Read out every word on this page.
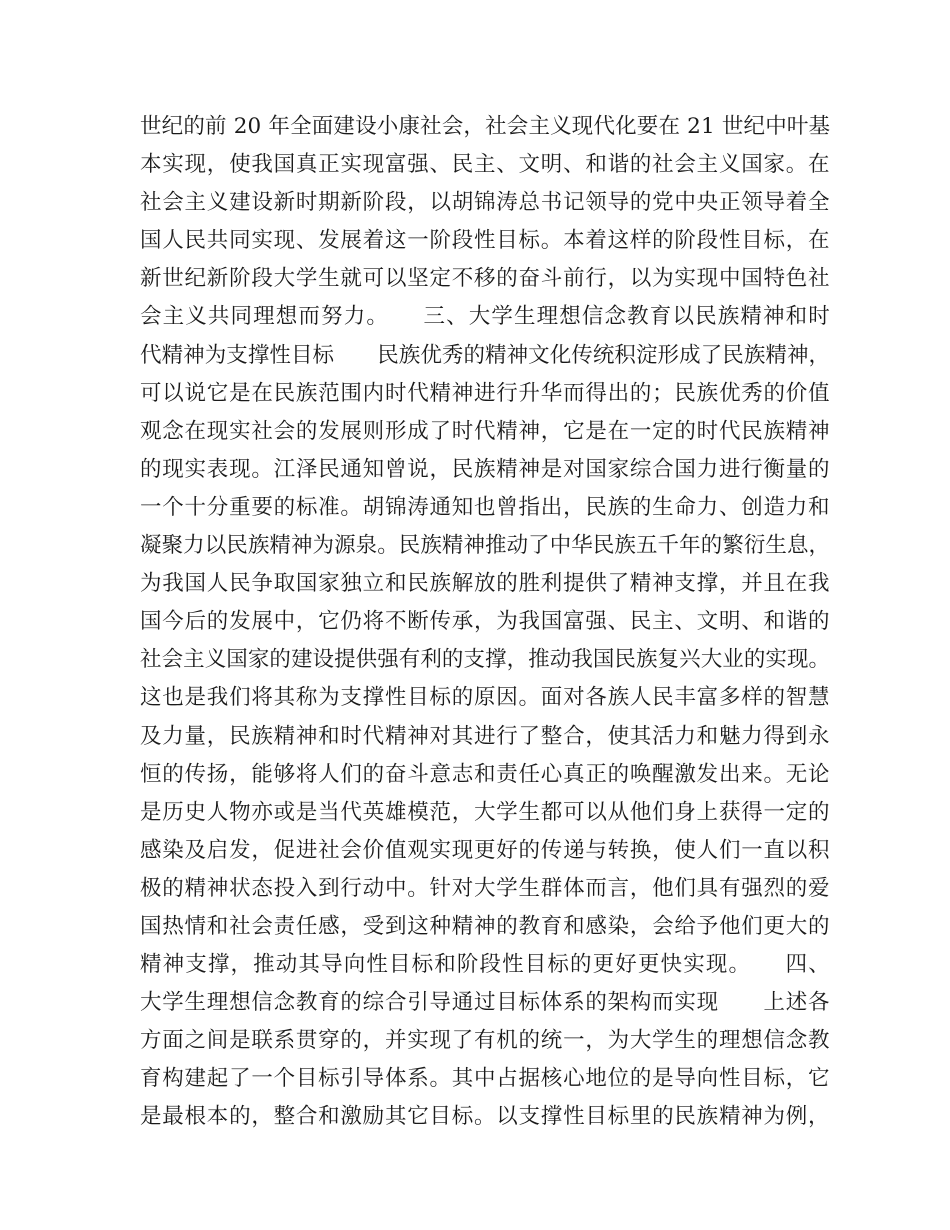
世纪的前 20 年全面建设小康社会，社会主义现代化要在 21 世纪中叶基
本实现，使我国真正实现富强、民主、文明、和谐的社会主义国家。在
社会主义建设新时期新阶段，以胡锦涛总书记领导的党中央正领导着全
国人民共同实现、发展着这一阶段性目标。本着这样的阶段性目标，在
新世纪新阶段大学生就可以坚定不移的奋斗前行，以为实现中国特色社
会主义共同理想而努力。　　三、大学生理想信念教育以民族精神和时
代精神为支撑性目标　　民族优秀的精神文化传统积淀形成了民族精神，
可以说它是在民族范围内时代精神进行升华而得出的；民族优秀的价值
观念在现实社会的发展则形成了时代精神，它是在一定的时代民族精神
的现实表现。江泽民通知曾说，民族精神是对国家综合国力进行衡量的
一个十分重要的标准。胡锦涛通知也曾指出，民族的生命力、创造力和
凝聚力以民族精神为源泉。民族精神推动了中华民族五千年的繁衍生息，
为我国人民争取国家独立和民族解放的胜利提供了精神支撑，并且在我
国今后的发展中，它仍将不断传承，为我国富强、民主、文明、和谐的
社会主义国家的建设提供强有利的支撑，推动我国民族复兴大业的实现。
这也是我们将其称为支撑性目标的原因。面对各族人民丰富多样的智慧
及力量，民族精神和时代精神对其进行了整合，使其活力和魅力得到永
恒的传扬，能够将人们的奋斗意志和责任心真正的唤醒激发出来。无论
是历史人物亦或是当代英雄模范，大学生都可以从他们身上获得一定的
感染及启发，促进社会价值观实现更好的传递与转换，使人们一直以积
极的精神状态投入到行动中。针对大学生群体而言，他们具有强烈的爱
国热情和社会责任感，受到这种精神的教育和感染，会给予他们更大的
精神支撑，推动其导向性目标和阶段性目标的更好更快实现。　　四、
大学生理想信念教育的综合引导通过目标体系的架构而实现　　上述各
方面之间是联系贯穿的，并实现了有机的统一，为大学生的理想信念教
育构建起了一个目标引导体系。其中占据核心地位的是导向性目标，它
是最根本的，整合和激励其它目标。以支撑性目标里的民族精神为例，
